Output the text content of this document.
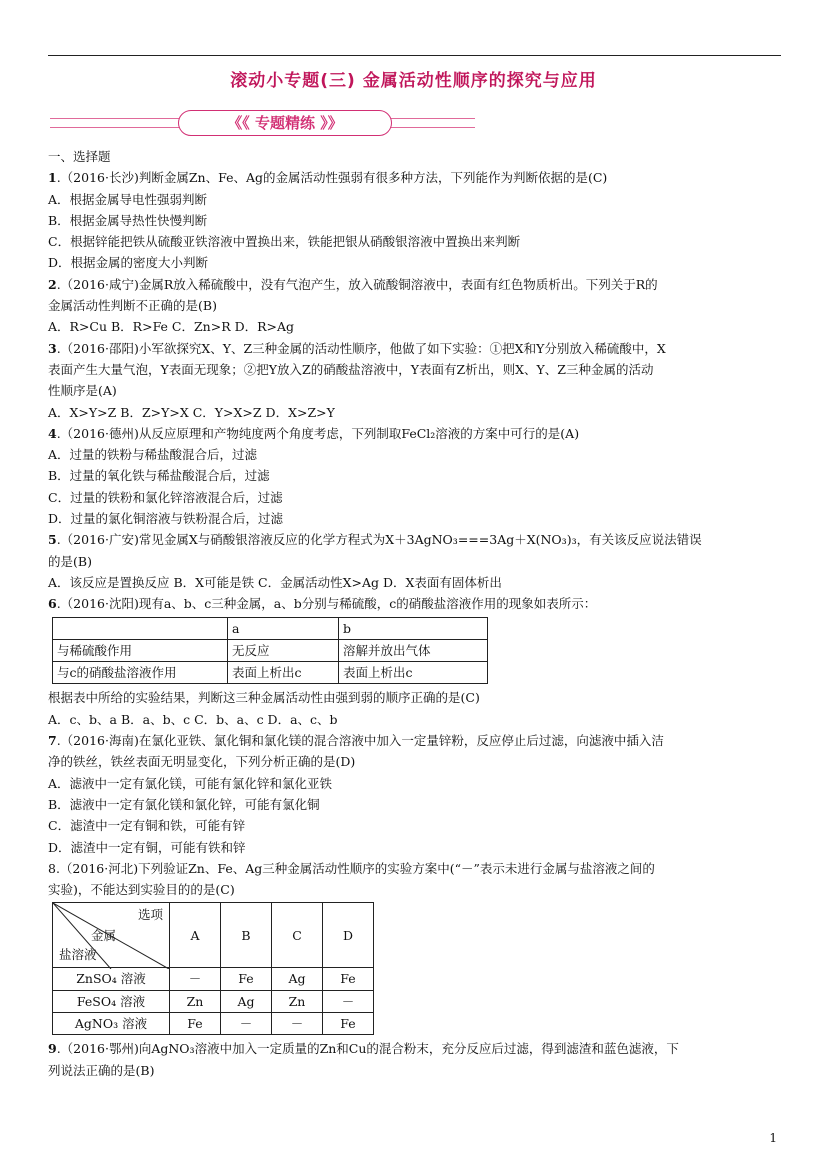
滚动小专题(三) 金属活动性顺序的探究与应用
《《 专题精练 》》
一、选择题
1.（2016·长沙)判断金属Zn、Fe、Ag的金属活动性强弱有很多种方法，下列能作为判断依据的是(C)
A．根据金属导电性强弱判断
B．根据金属导热性快慢判断
C．根据锌能把铁从硫酸亚铁溶液中置换出来，铁能把银从硝酸银溶液中置换出来判断
D．根据金属的密度大小判断
2.（2016·咸宁)金属R放入稀硫酸中，没有气泡产生，放入硫酸铜溶液中，表面有红色物质析出。下列关于R的
金属活动性判断不正确的是(B)
A．R>Cu B．R>Fe C．Zn>R D．R>Ag
3.（2016·邵阳)小军欲探究X、Y、Z三种金属的活动性顺序，他做了如下实验：①把X和Y分别放入稀硫酸中，X
表面产生大量气泡，Y表面无现象；②把Y放入Z的硝酸盐溶液中，Y表面有Z析出，则X、Y、Z三种金属的活动
性顺序是(A)
A．X>Y>Z B．Z>Y>X C．Y>X>Z D．X>Z>Y
4.（2016·德州)从反应原理和产物纯度两个角度考虑，下列制取FeCl₂溶液的方案中可行的是(A)
A．过量的铁粉与稀盐酸混合后，过滤
B．过量的氧化铁与稀盐酸混合后，过滤
C．过量的铁粉和氯化锌溶液混合后，过滤
D．过量的氯化铜溶液与铁粉混合后，过滤
5.（2016·广安)常见金属X与硝酸银溶液反应的化学方程式为X＋3AgNO₃===3Ag＋X(NO₃)₃，有关该反应说法错误
的是(B)
A．该反应是置换反应 B．X可能是铁 C．金属活动性X>Ag D．X表面有固体析出
6.（2016·沈阳)现有a、b、c三种金属，a、b分别与稀硫酸，c的硝酸盐溶液作用的现象如表所示：
	a	b
与稀硫酸作用	无反应	溶解并放出气体
与c的硝酸盐溶液作用	表面上析出c	表面上析出c
根据表中所给的实验结果，判断这三种金属活动性由强到弱的顺序正确的是(C)
A．c、b、a B．a、b、c C．b、a、c D．a、c、b
7.（2016·海南)在氯化亚铁、氯化铜和氯化镁的混合溶液中加入一定量锌粉，反应停止后过滤，向滤液中插入洁
净的铁丝，铁丝表面无明显变化，下列分析正确的是(D)
A．滤液中一定有氯化镁，可能有氯化锌和氯化亚铁
B．滤液中一定有氯化镁和氯化锌，可能有氯化铜
C．滤渣中一定有铜和铁，可能有锌
D．滤渣中一定有铜，可能有铁和锌
8.（2016·河北)下列验证Zn、Fe、Ag三种金属活动性顺序的实验方案中(“－”表示未进行金属与盐溶液之间的
实验)，不能达到实验目的的是(C)
选项
金属
盐溶液	A	B	C	D
ZnSO₄ 溶液	－	Fe	Ag	Fe
FeSO₄ 溶液	Zn	Ag	Zn	－
AgNO₃ 溶液	Fe	－	－	Fe
9.（2016·鄂州)向AgNO₃溶液中加入一定质量的Zn和Cu的混合粉末，充分反应后过滤，得到滤渣和蓝色滤液，下
列说法正确的是(B)
1
